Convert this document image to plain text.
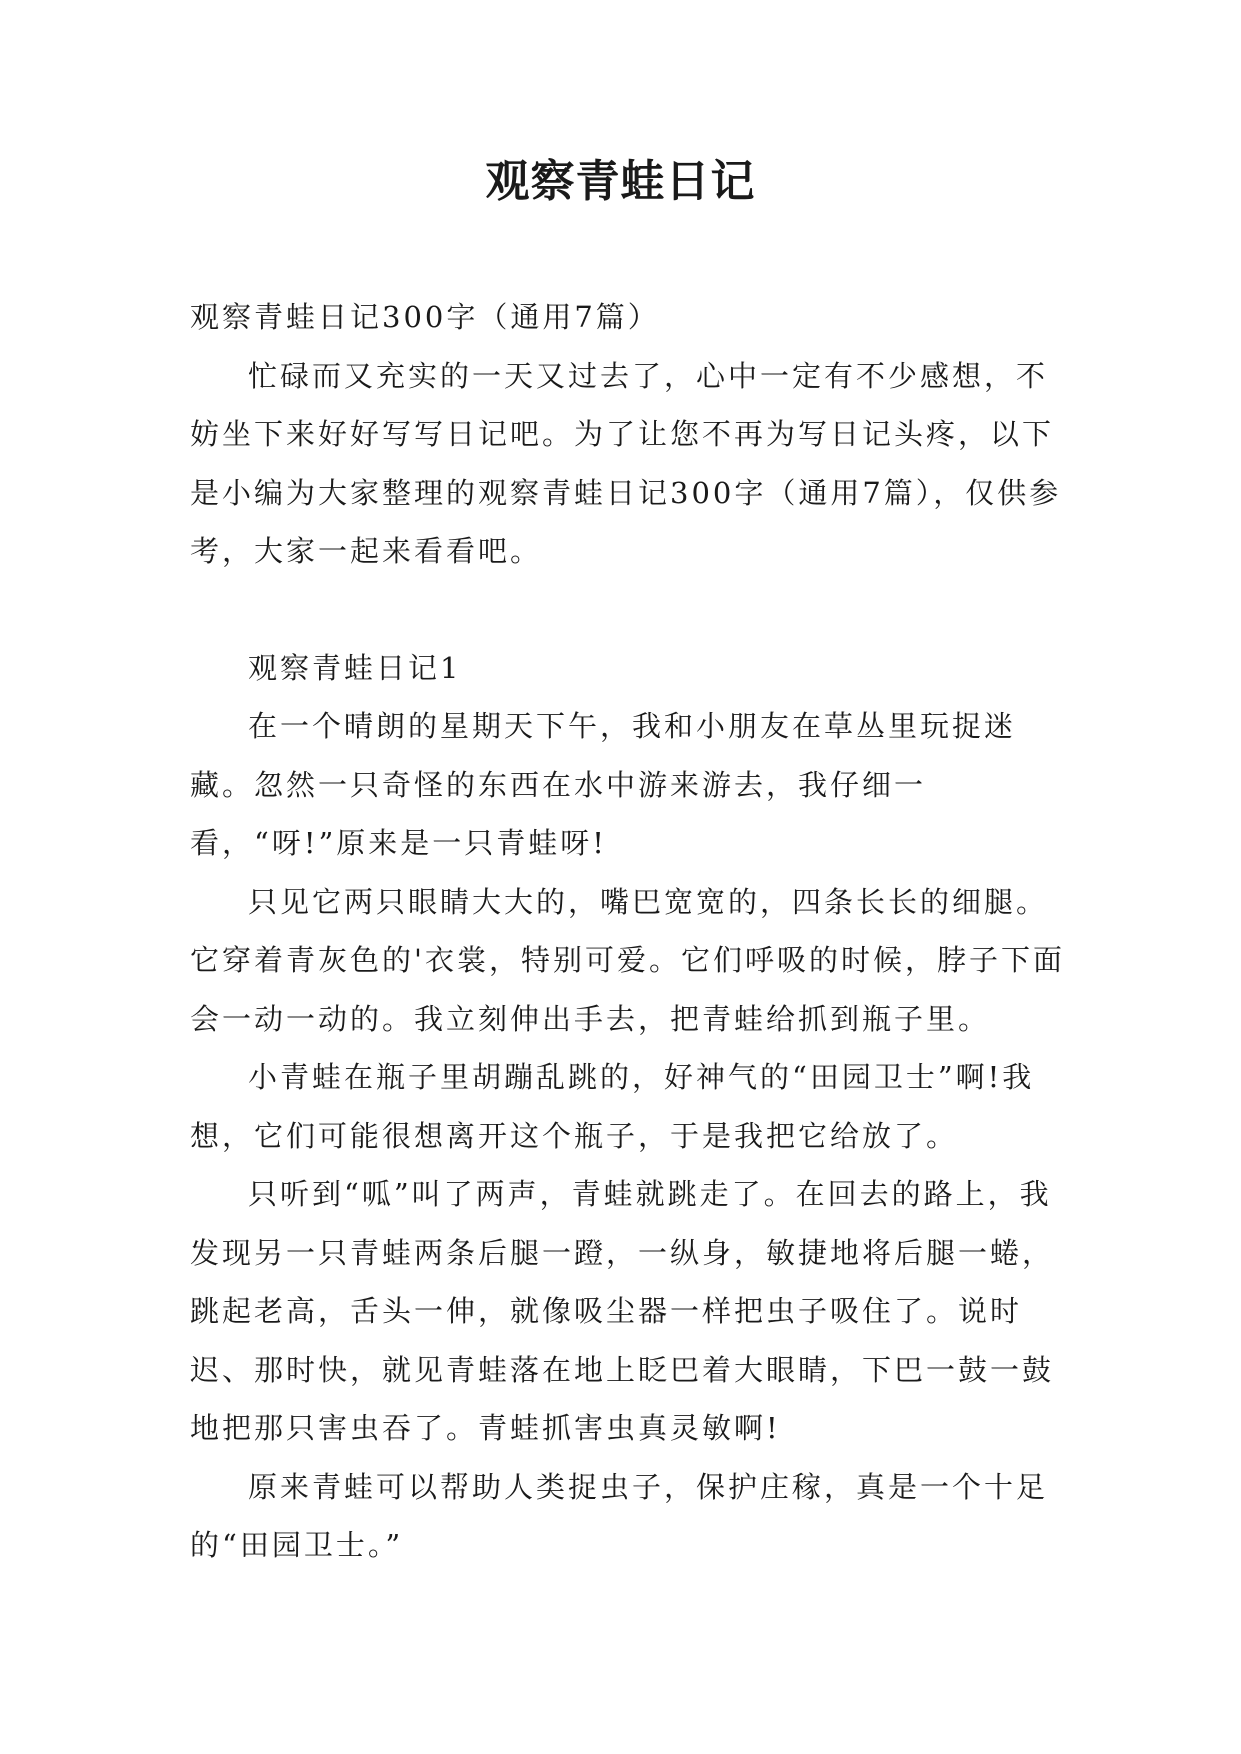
观察青蛙日记

观察青蛙日记300字（通用7篇）

忙碌而又充实的一天又过去了，心中一定有不少感想，不妨坐下来好好写写日记吧。为了让您不再为写日记头疼，以下是小编为大家整理的观察青蛙日记300字（通用7篇），仅供参考，大家一起来看看吧。

观察青蛙日记1

在一个晴朗的星期天下午，我和小朋友在草丛里玩捉迷藏。忽然一只奇怪的东西在水中游来游去，我仔细一看，“呀!”原来是一只青蛙呀!

只见它两只眼睛大大的，嘴巴宽宽的，四条长长的细腿。它穿着青灰色的'衣裳，特别可爱。它们呼吸的时候，脖子下面会一动一动的。我立刻伸出手去，把青蛙给抓到瓶子里。

小青蛙在瓶子里胡蹦乱跳的，好神气的“田园卫士”啊!我想，它们可能很想离开这个瓶子，于是我把它给放了。

只听到“呱”叫了两声，青蛙就跳走了。在回去的路上，我发现另一只青蛙两条后腿一蹬，一纵身，敏捷地将后腿一蜷，跳起老高，舌头一伸，就像吸尘器一样把虫子吸住了。说时迟、那时快，就见青蛙落在地上眨巴着大眼睛，下巴一鼓一鼓地把那只害虫吞了。青蛙抓害虫真灵敏啊!

原来青蛙可以帮助人类捉虫子，保护庄稼，真是一个十足的“田园卫士。”
